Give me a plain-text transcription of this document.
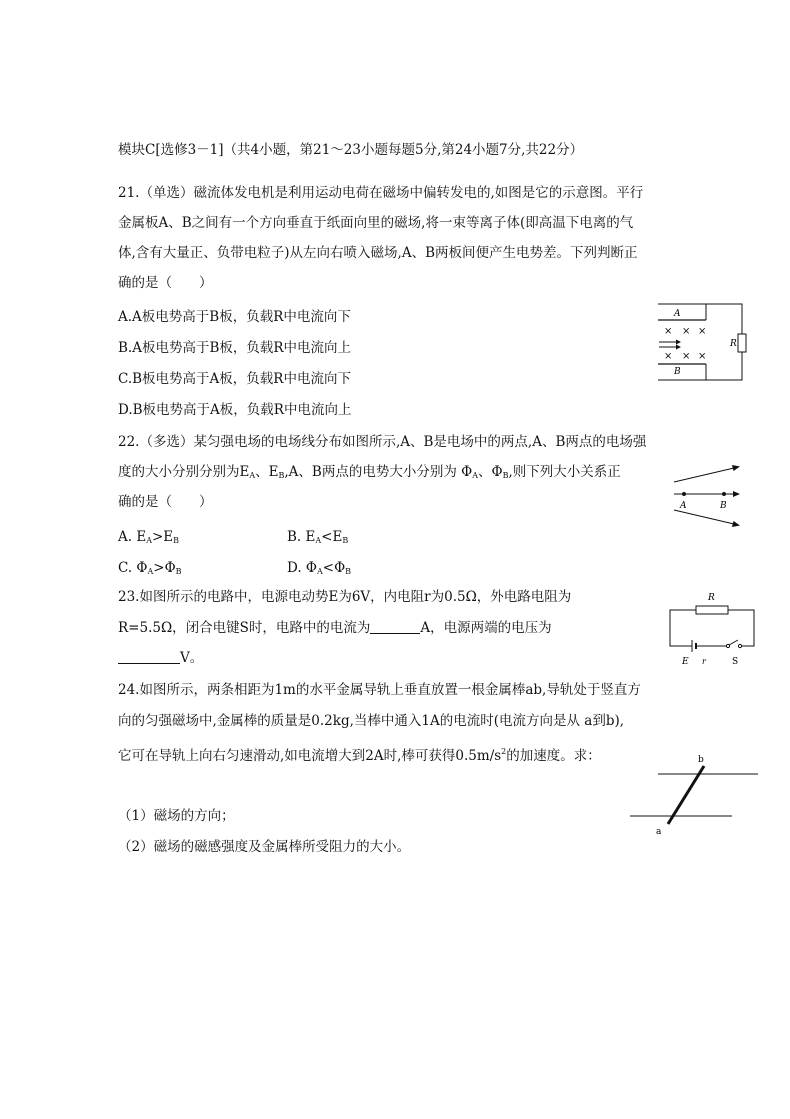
模块C[选修3－1]（共4小题，第21～23小题每题5分,第24小题7分,共22分）
21.（单选）磁流体发电机是利用运动电荷在磁场中偏转发电的,如图是它的示意图。平行
金属板A、B之间有一个方向垂直于纸面向里的磁场,将一束等离子体(即高温下电离的气
体,含有大量正、负带电粒子)从左向右喷入磁场,A、B两板间便产生电势差。下列判断正
确的是（　　）
A.A板电势高于B板，负载R中电流向下
B.A板电势高于B板，负载R中电流向上
C.B板电势高于A板，负载R中电流向下
D.B板电势高于A板，负载R中电流向上
R
A
B
× × ×
× × ×
22.（多选）某匀强电场的电场线分布如图所示,A、B是电场中的两点,A、B两点的电场强
度的大小分别分别为$E_A$、$E_B,A$、B两点的电势大小分别为 $\Phi_A$、$\Phi_B$,则下列大小关系正
确的是（　　）
A. $E_A>E_B$	B. $E_A<E_B$
C. $\Phi_A>\Phi_B$	D. $\Phi_A<\Phi_B$
A	B
23.如图所示的电路中，电源电动势E为6V，内电阻r为0.5Ω，外电路电阻为
R=5.5Ω，闭合电键S时，电路中的电流为	A，电源两端的电压为
V。
R
E r	S
24.如图所示，两条相距为1m的水平金属导轨上垂直放置一根金属棒ab,导轨处于竖直方
向的匀强磁场中,金属棒的质量是0.2kg,当棒中通入1A的电流时(电流方向是从 a到b),
它可在导轨上向右匀速滑动,如电流增大到2A时,棒可获得$0.5m/s^2$的加速度。求：
（1）磁场的方向；
（2）磁场的磁感强度及金属棒所受阻力的大小。
b
a
